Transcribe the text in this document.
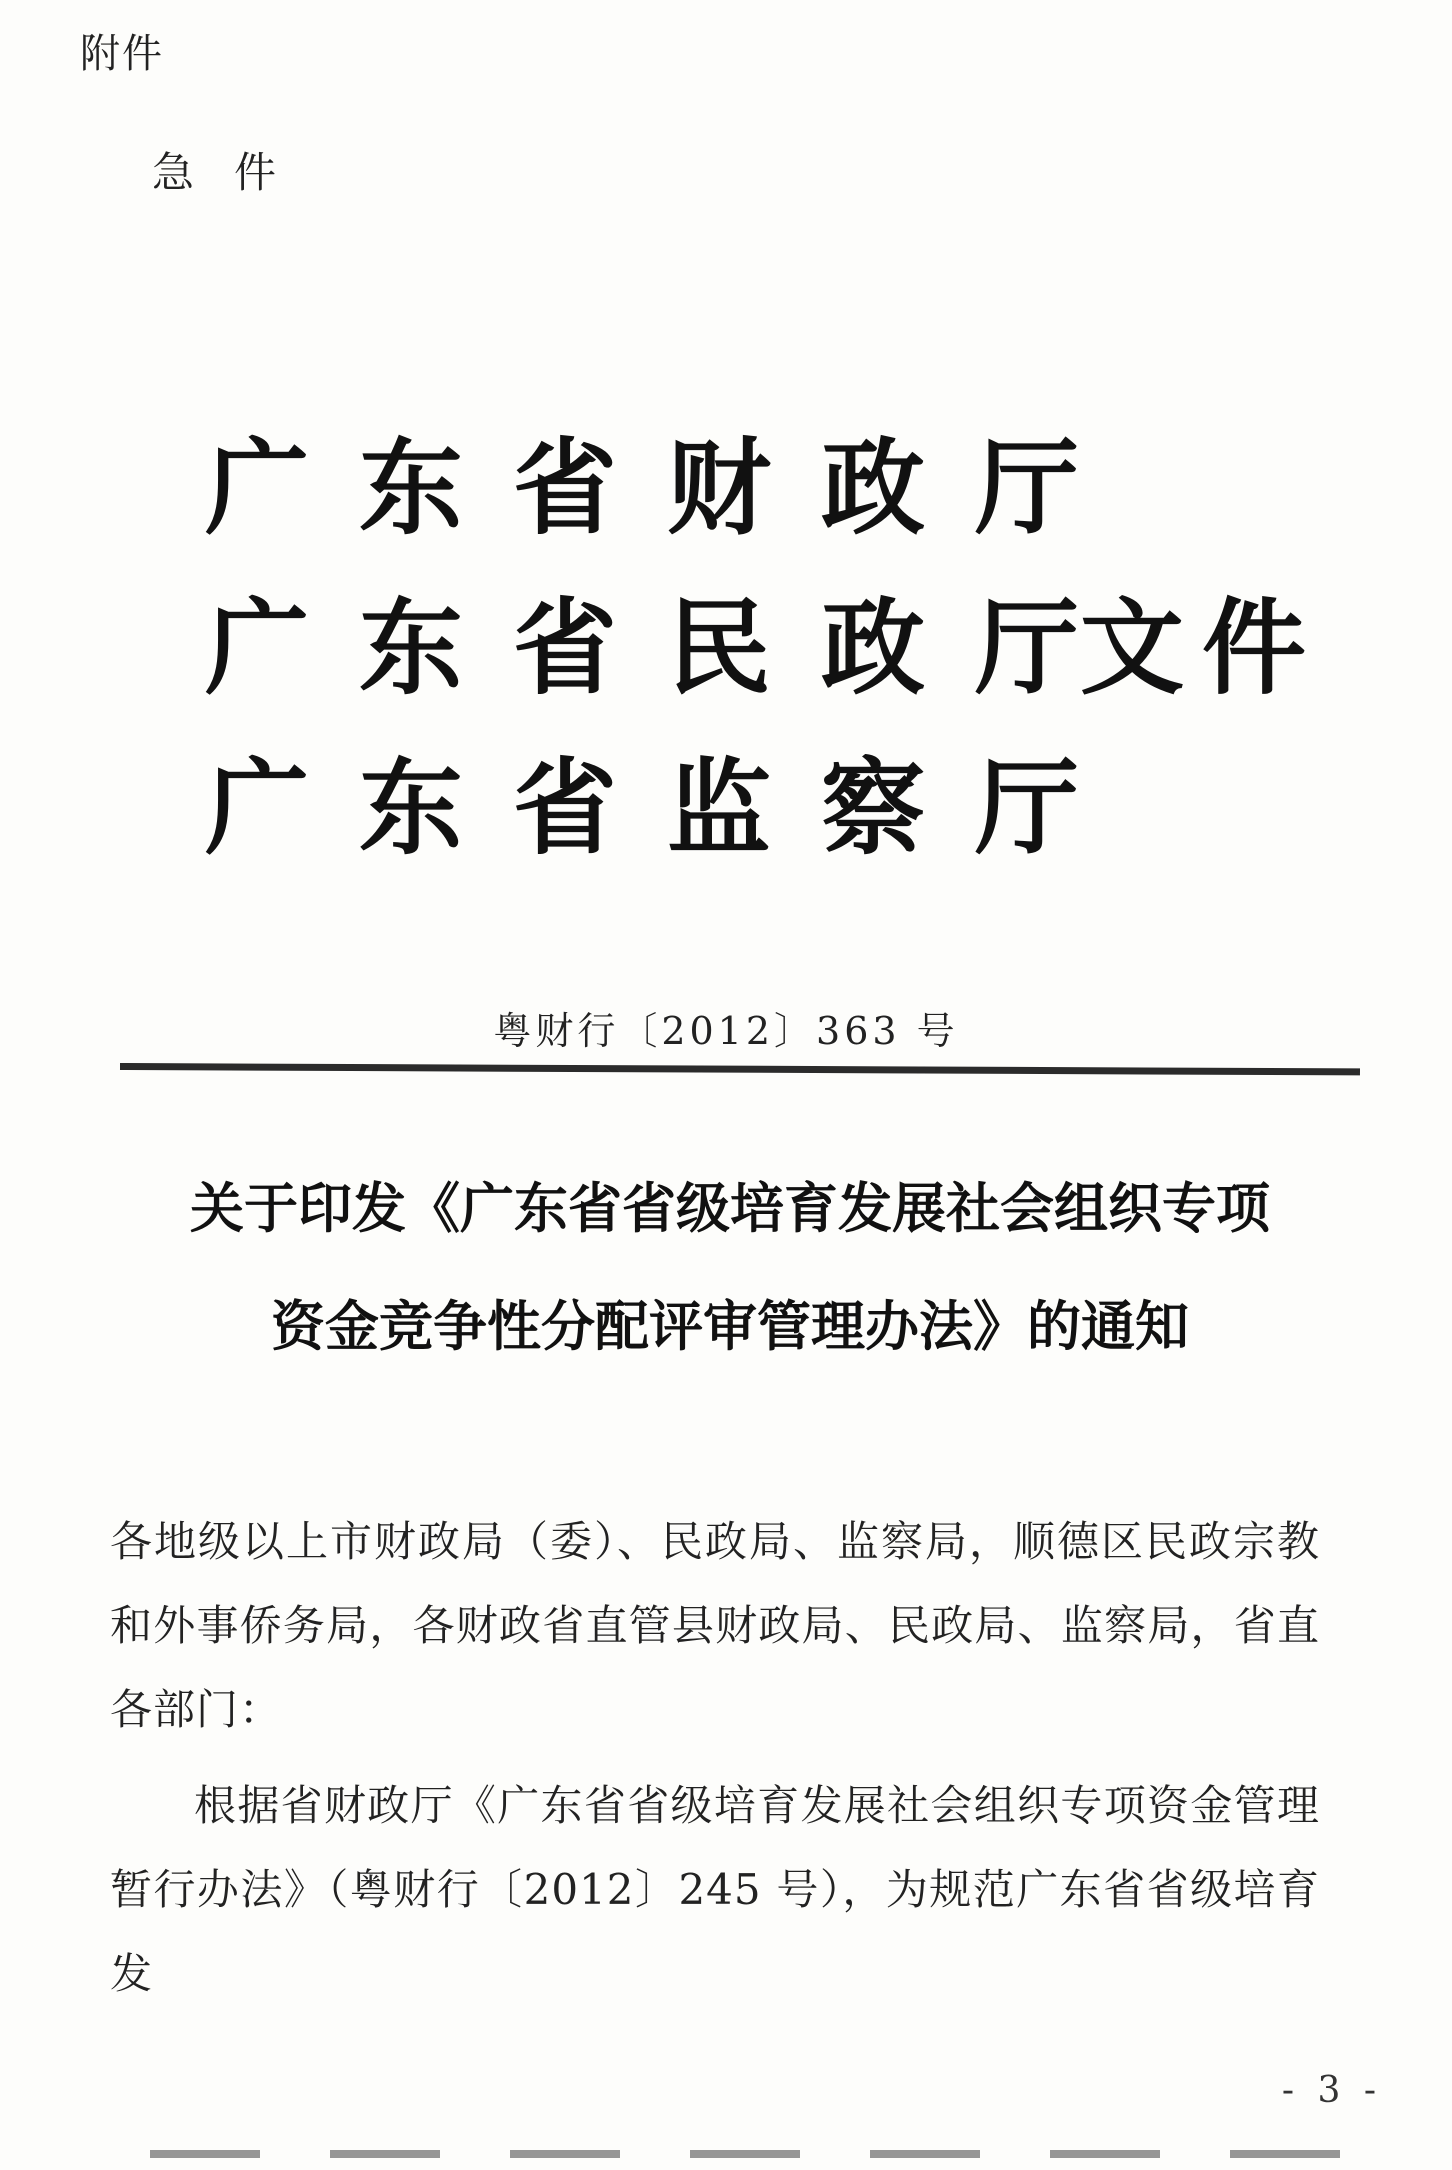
附件
急件
广东省财政厅
广东省民政厅
文件
广东省监察厅
粤财行〔2012〕363 号
关于印发《广东省省级培育发展社会组织专项
资金竞争性分配评审管理办法》的通知
各地级以上市财政局（委）、民政局、监察局，顺德区民政宗教和外事侨务局，各财政省直管县财政局、民政局、监察局，省直各部门：
根据省财政厅《广东省省级培育发展社会组织专项资金管理暂行办法》（粤财行〔2012〕245 号），为规范广东省省级培育发
- 3 -
